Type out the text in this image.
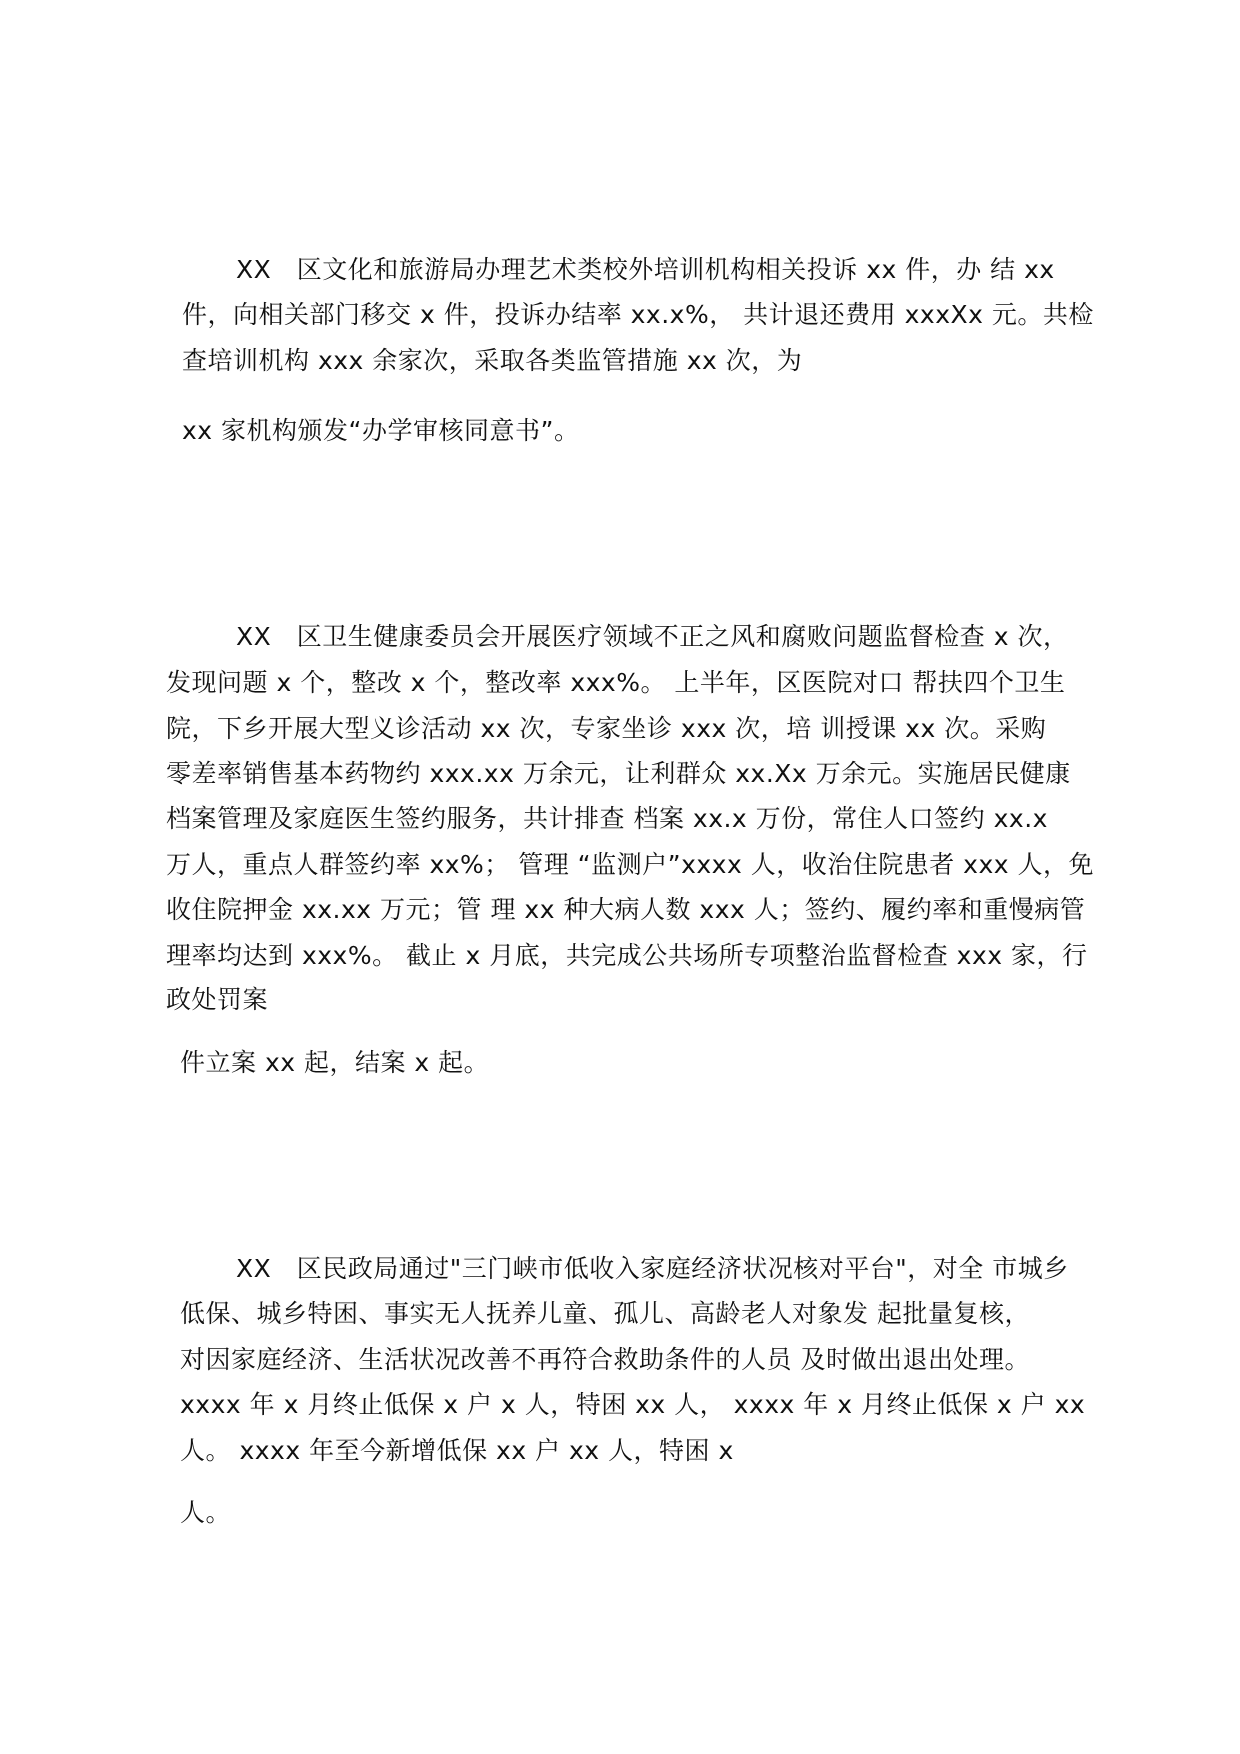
XX　区文化和旅游局办理艺术类校外培训机构相关投诉 xx 件，办 结 xx
件，向相关部门移交 x 件，投诉办结率 xx.x%， 共计退还费用 xxxXx 元。共检
查培训机构 xxx 余家次，采取各类监管措施 xx 次，为
xx 家机构颁发“办学审核同意书”。
XX　区卫生健康委员会开展医疗领域不正之风和腐败问题监督检查 x 次，
发现问题 x 个，整改 x 个，整改率 xxx%。 上半年，区医院对口 帮扶四个卫生
院，下乡开展大型义诊活动 xx 次，专家坐诊 xxx 次，培 训授课 xx 次。采购
零差率销售基本药物约 xxx.xx 万余元，让利群众 xx.Xx 万余元。实施居民健康
档案管理及家庭医生签约服务，共计排查 档案 xx.x 万份，常住人口签约 xx.x
万人，重点人群签约率 xx%； 管理 “监测户”xxxx 人，收治住院患者 xxx 人，免
收住院押金 xx.xx 万元；管 理 xx 种大病人数 xxx 人；签约、履约率和重慢病管
理率均达到 xxx%。 截止 x 月底，共完成公共场所专项整治监督检查 xxx 家，行
政处罚案
件立案 xx 起，结案 x 起。
XX　区民政局通过"三门峡市低收入家庭经济状况核对平台"，对全 市城乡
低保、城乡特困、事实无人抚养儿童、孤儿、高龄老人对象发 起批量复核，
对因家庭经济、生活状况改善不再符合救助条件的人员 及时做出退出处理。
xxxx 年 x 月终止低保 x 户 x 人，特困 xx 人， xxxx 年 x 月终止低保 x 户 xx
人。 xxxx 年至今新增低保 xx 户 xx 人，特困 x
人。
